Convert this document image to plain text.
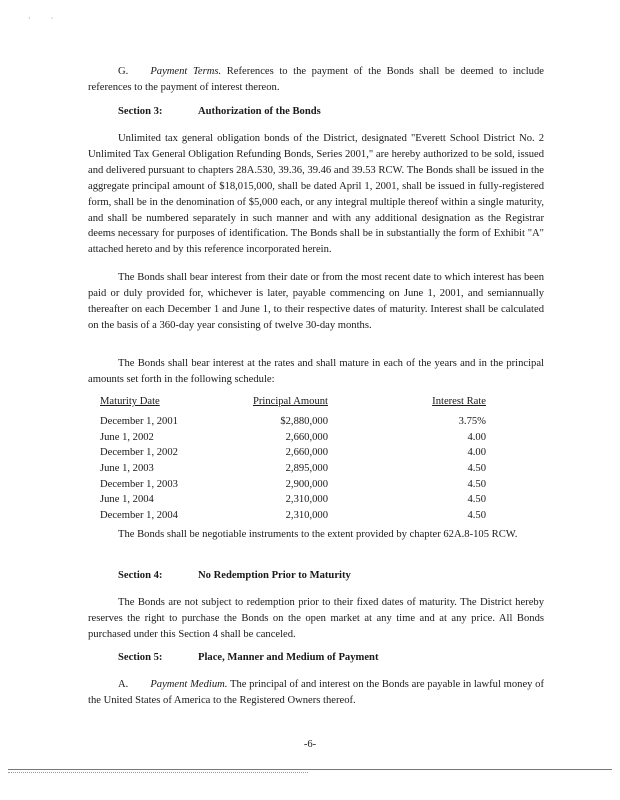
· ·

G. Payment Terms. References to the payment of the Bonds shall be deemed to include references to the payment of interest thereon.

Section 3:	Authorization of the Bonds

Unlimited tax general obligation bonds of the District, designated "Everett School District No. 2 Unlimited Tax General Obligation Refunding Bonds, Series 2001," are hereby authorized to be sold, issued and delivered pursuant to chapters 28A.530, 39.36, 39.46 and 39.53 RCW. The Bonds shall be issued in the aggregate principal amount of $18,015,000, shall be dated April 1, 2001, shall be issued in fully-registered form, shall be in the denomination of $5,000 each, or any integral multiple thereof within a single maturity, and shall be numbered separately in such manner and with any additional designation as the Registrar deems necessary for purposes of identification. The Bonds shall be in substantially the form of Exhibit "A" attached hereto and by this reference incorporated herein.

The Bonds shall bear interest from their date or from the most recent date to which interest has been paid or duly provided for, whichever is later, payable commencing on June 1, 2001, and semiannually thereafter on each December 1 and June 1, to their respective dates of maturity. Interest shall be calculated on the basis of a 360-day year consisting of twelve 30-day months.

The Bonds shall bear interest at the rates and shall mature in each of the years and in the principal amounts set forth in the following schedule:

Maturity Date	Principal Amount	Interest Rate
December 1, 2001	$2,880,000	3.75%
June 1, 2002	2,660,000	4.00
December 1, 2002	2,660,000	4.00
June 1, 2003	2,895,000	4.50
December 1, 2003	2,900,000	4.50
June 1, 2004	2,310,000	4.50
December 1, 2004	2,310,000	4.50

The Bonds shall be negotiable instruments to the extent provided by chapter 62A.8-105 RCW.

Section 4:	No Redemption Prior to Maturity

The Bonds are not subject to redemption prior to their fixed dates of maturity. The District hereby reserves the right to purchase the Bonds on the open market at any time and at any price. All Bonds purchased under this Section 4 shall be canceled.

Section 5:	Place, Manner and Medium of Payment

A. Payment Medium. The principal of and interest on the Bonds are payable in lawful money of the United States of America to the Registered Owners thereof.

-6-
